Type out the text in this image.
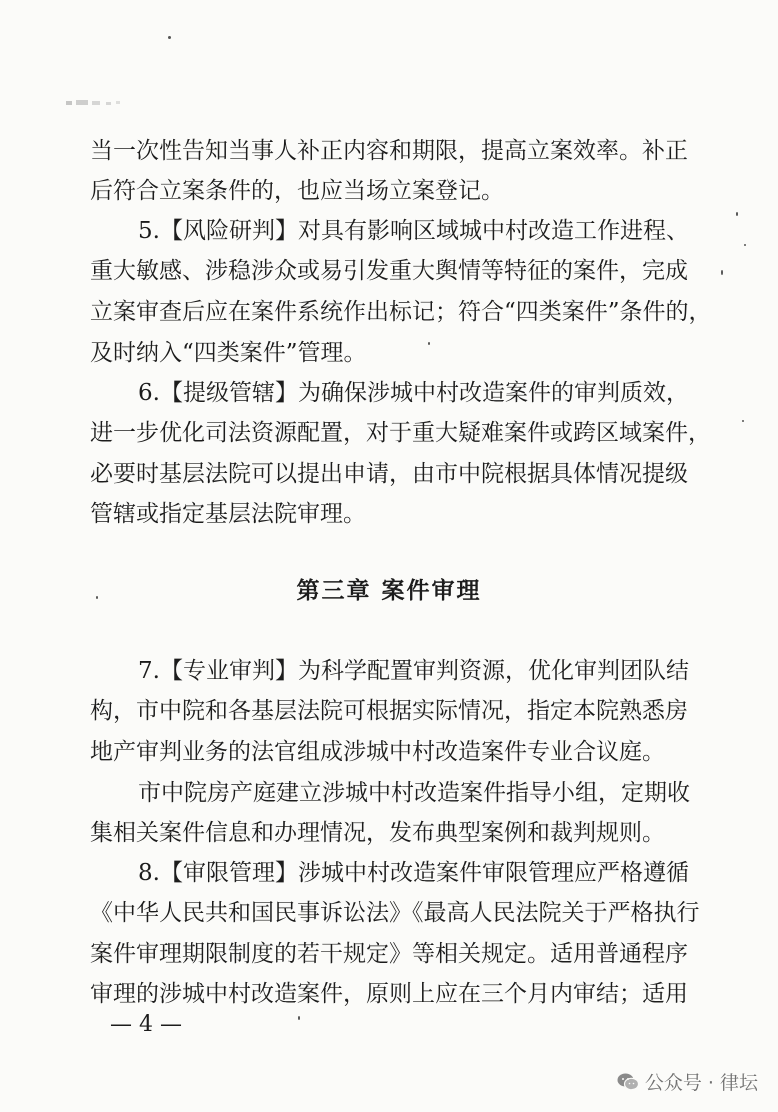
当一次性告知当事人补正内容和期限，提高立案效率。补正
后符合立案条件的，也应当场立案登记。
5.【风险研判】对具有影响区域城中村改造工作进程、
重大敏感、涉稳涉众或易引发重大舆情等特征的案件，完成
立案审查后应在案件系统作出标记；符合“四类案件”条件的，
及时纳入“四类案件”管理。
6.【提级管辖】为确保涉城中村改造案件的审判质效，
进一步优化司法资源配置，对于重大疑难案件或跨区域案件，
必要时基层法院可以提出申请，由市中院根据具体情况提级
管辖或指定基层法院审理。
第三章 案件审理
7.【专业审判】为科学配置审判资源，优化审判团队结
构，市中院和各基层法院可根据实际情况，指定本院熟悉房
地产审判业务的法官组成涉城中村改造案件专业合议庭。
市中院房产庭建立涉城中村改造案件指导小组，定期收
集相关案件信息和办理情况，发布典型案例和裁判规则。
8.【审限管理】涉城中村改造案件审限管理应严格遵循
《中华人民共和国民事诉讼法》《最高人民法院关于严格执行
案件审理期限制度的若干规定》等相关规定。适用普通程序
审理的涉城中村改造案件，原则上应在三个月内审结；适用
— 4 —
公众号 · 律坛
